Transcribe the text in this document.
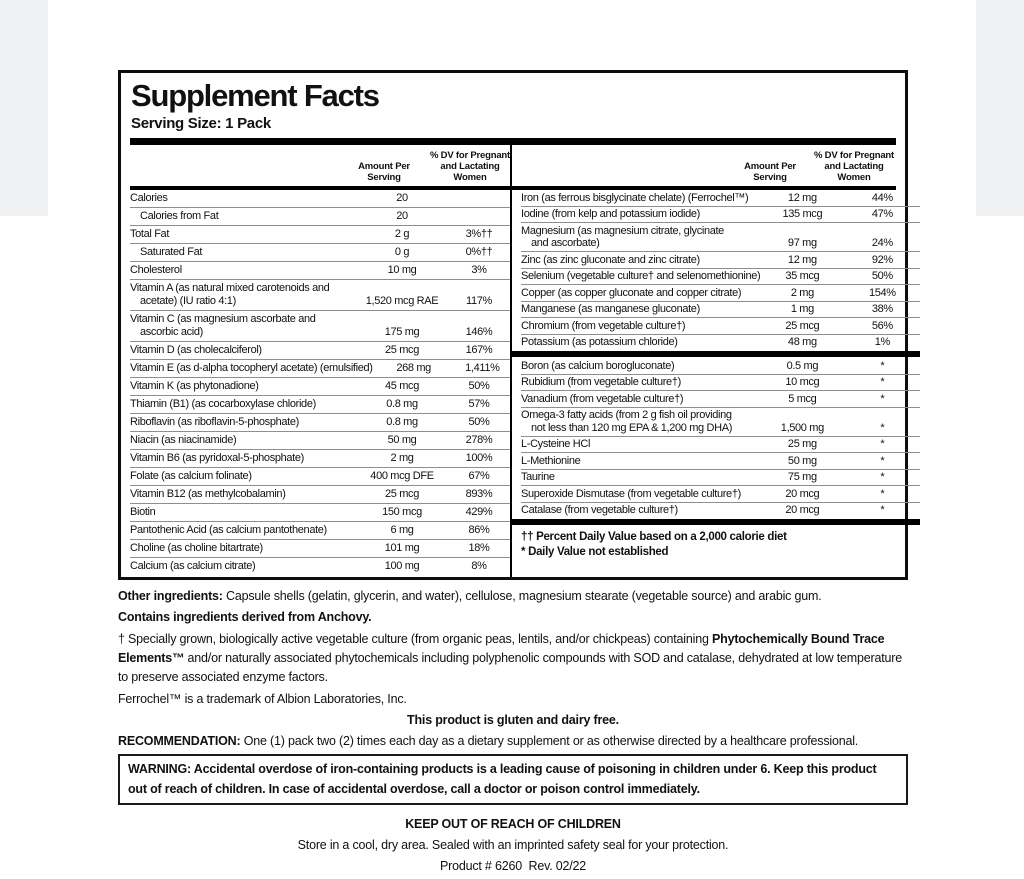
Supplement Facts
Serving Size: 1 Pack
Amount Per Serving
% DV for Pregnant and Lactating Women
Amount Per Serving
% DV for Pregnant and Lactating Women
Calories	20
Calories from Fat	20
Total Fat	2 g	3%††
Saturated Fat	0 g	0%††
Cholesterol	10 mg	3%
Vitamin A (as natural mixed carotenoids and
acetate) (IU ratio 4:1)	1,520 mcg RAE	117%
Vitamin C (as magnesium ascorbate and
ascorbic acid)	175 mg	146%
Vitamin D (as cholecalciferol)	25 mcg	167%
Vitamin E (as d-alpha tocopheryl acetate) (emulsified)	268 mg	1,411%
Vitamin K (as phytonadione)	45 mcg	50%
Thiamin (B1) (as cocarboxylase chloride)	0.8 mg	57%
Riboflavin (as riboflavin-5-phosphate)	0.8 mg	50%
Niacin (as niacinamide)	50 mg	278%
Vitamin B6 (as pyridoxal-5-phosphate)	2 mg	100%
Folate (as calcium folinate)	400 mcg DFE	67%
Vitamin B12 (as methylcobalamin)	25 mcg	893%
Biotin	150 mcg	429%
Pantothenic Acid (as calcium pantothenate)	6 mg	86%
Choline (as choline bitartrate)	101 mg	18%
Calcium (as calcium citrate)	100 mg	8%
Iron (as ferrous bisglycinate chelate) (Ferrochel™)	12 mg	44%
Iodine (from kelp and potassium iodide)	135 mcg	47%
Magnesium (as magnesium citrate, glycinate
and ascorbate)	97 mg	24%
Zinc (as zinc gluconate and zinc citrate)	12 mg	92%
Selenium (vegetable culture† and selenomethionine)	35 mcg	50%
Copper (as copper gluconate and copper citrate)	2 mg	154%
Manganese (as manganese gluconate)	1 mg	38%
Chromium (from vegetable culture†)	25 mcg	56%
Potassium (as potassium chloride)	48 mg	1%
Boron (as calcium borogluconate)	0.5 mg	*
Rubidium (from vegetable culture†)	10 mcg	*
Vanadium (from vegetable culture†)	5 mcg	*
Omega-3 fatty acids (from 2 g fish oil providing
not less than 120 mg EPA & 1,200 mg DHA)	1,500 mg	*
L-Cysteine HCl	25 mg	*
L-Methionine	50 mg	*
Taurine	75 mg	*
Superoxide Dismutase (from vegetable culture†)	20 mcg	*
Catalase (from vegetable culture†)	20 mcg	*
†† Percent Daily Value based on a 2,000 calorie diet
* Daily Value not established

Other ingredients: Capsule shells (gelatin, glycerin, and water), cellulose, magnesium stearate (vegetable source) and arabic gum.

Contains ingredients derived from Anchovy.

† Specially grown, biologically active vegetable culture (from organic peas, lentils, and/or chickpeas) containing Phytochemically Bound Trace Elements™ and/or naturally associated phytochemicals including polyphenolic compounds with SOD and catalase, dehydrated at low temperature to preserve associated enzyme factors.

Ferrochel™ is a trademark of Albion Laboratories, Inc.

This product is gluten and dairy free.

RECOMMENDATION: One (1) pack two (2) times each day as a dietary supplement or as otherwise directed by a healthcare professional.

WARNING: Accidental overdose of iron-containing products is a leading cause of poisoning in children under 6. Keep this product out of reach of children. In case of accidental overdose, call a doctor or poison control immediately.

KEEP OUT OF REACH OF CHILDREN

Store in a cool, dry area. Sealed with an imprinted safety seal for your protection.

Product # 6260  Rev. 02/22
